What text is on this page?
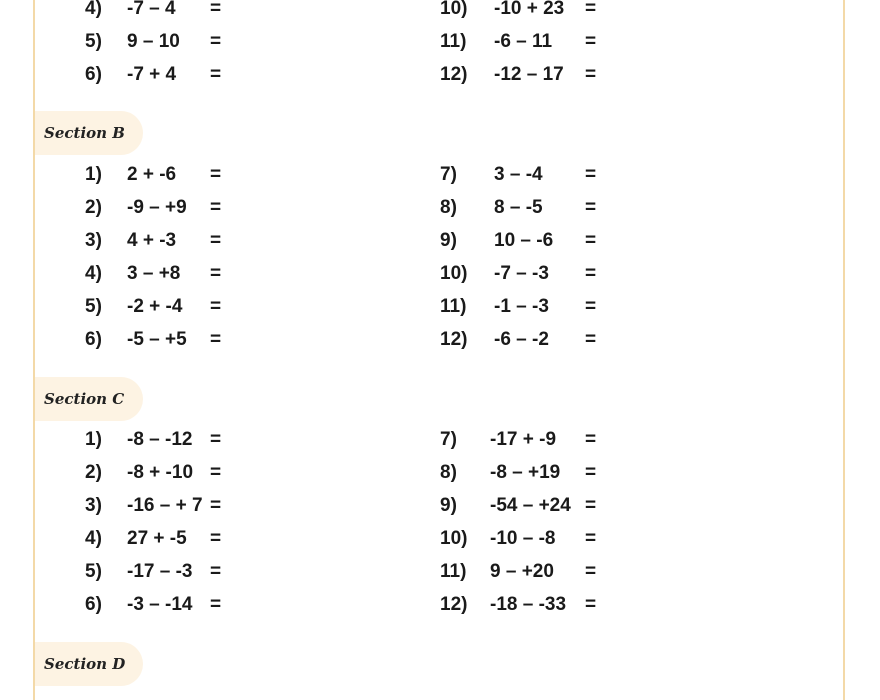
4) -7 – 4 =
5) 9 – 10 =
6) -7 + 4 =
10) -10 + 23 =
11) -6 – 11 =
12) -12 – 17 =
Section B
1) 2 + -6 =
2) -9 – +9 =
3) 4 + -3 =
4) 3 – +8 =
5) -2 + -4 =
6) -5 – +5 =
7) 3 – -4 =
8) 8 – -5 =
9) 10 – -6 =
10) -7 – -3 =
11) -1 – -3 =
12) -6 – -2 =
Section C
1) -8 – -12 =
2) -8 + -10 =
3) -16 – + 7 =
4) 27 + -5 =
5) -17 – -3 =
6) -3 – -14 =
7) -17 + -9 =
8) -8 – +19 =
9) -54 – +24 =
10) -10 – -8 =
11) 9 – +20 =
12) -18 – -33 =
Section D
